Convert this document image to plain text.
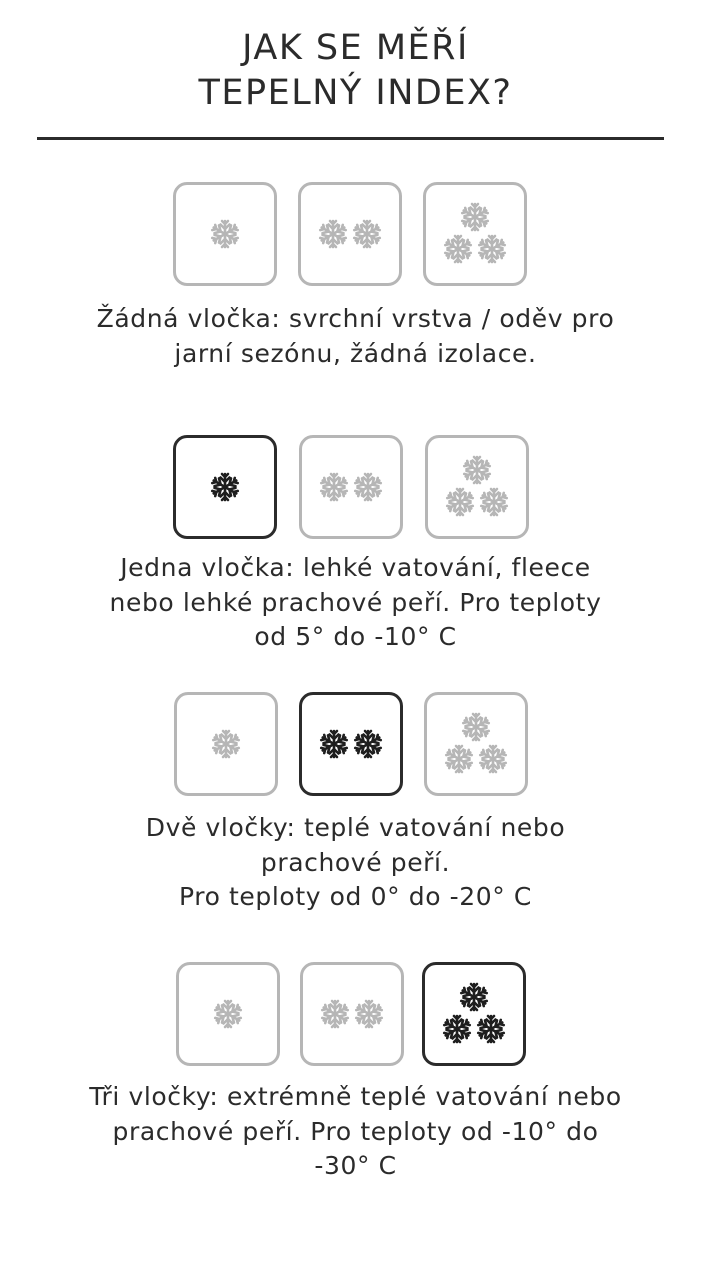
JAK SE MĚŘÍ
TEPELNÝ INDEX?

Žádná vločka: svrchní vrstva / oděv pro
jarní sezónu, žádná izolace.

Jedna vločka: lehké vatování, fleece
nebo lehké prachové peří. Pro teploty
od 5° do -10° C

Dvě vločky: teplé vatování nebo
prachové peří.
Pro teploty od 0° do -20° C

Tři vločky: extrémně teplé vatování nebo
prachové peří. Pro teploty od -10° do
-30° C
